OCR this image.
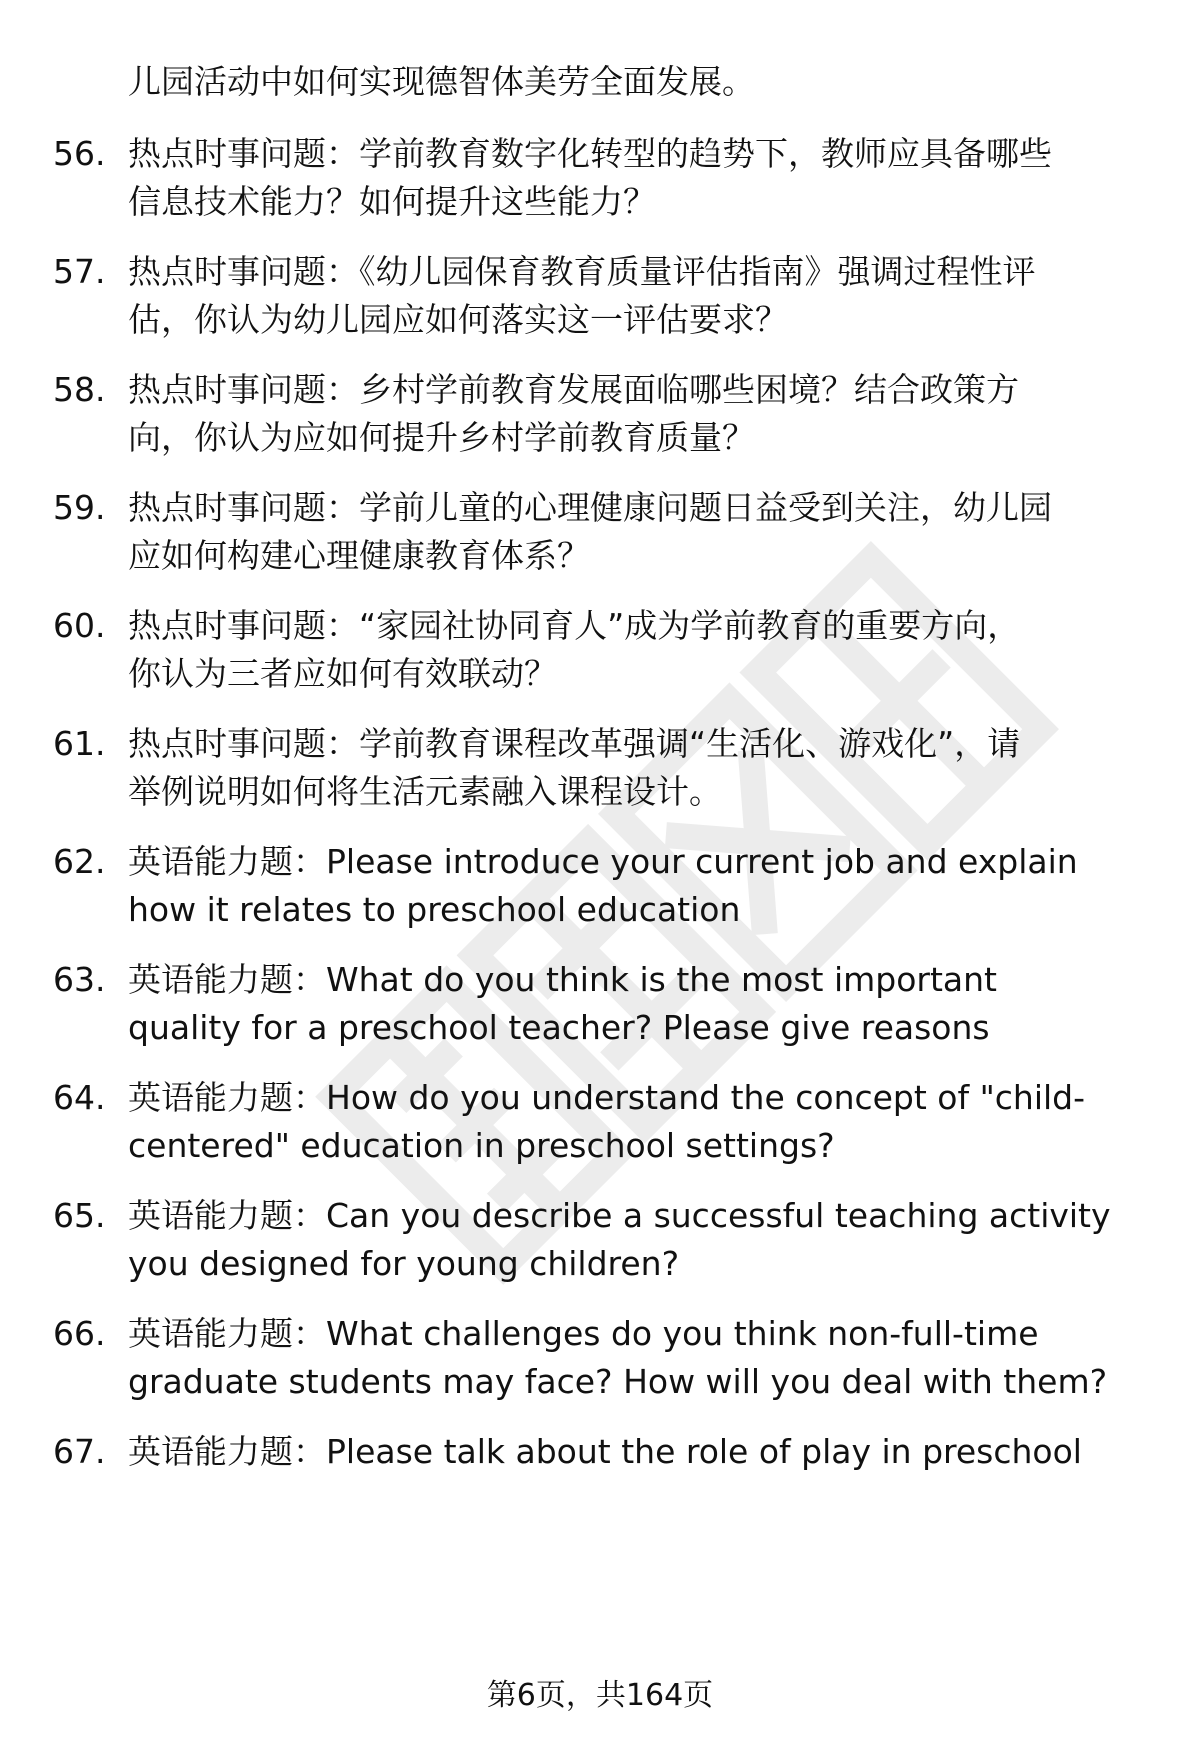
儿园活动中如何实现德智体美劳全面发展。
56. 热点时事问题：学前教育数字化转型的趋势下，教师应具备哪些
信息技术能力？如何提升这些能力？
57. 热点时事问题：《幼儿园保育教育质量评估指南》强调过程性评
估，你认为幼儿园应如何落实这一评估要求？
58. 热点时事问题：乡村学前教育发展面临哪些困境？结合政策方
向，你认为应如何提升乡村学前教育质量？
59. 热点时事问题：学前儿童的心理健康问题日益受到关注，幼儿园
应如何构建心理健康教育体系？
60. 热点时事问题：“家园社协同育人”成为学前教育的重要方向，
你认为三者应如何有效联动？
61. 热点时事问题：学前教育课程改革强调“生活化、游戏化”，请
举例说明如何将生活元素融入课程设计。
62. 英语能力题：Please introduce your current job and explain
how it relates to preschool education
63. 英语能力题：What do you think is the most important
quality for a preschool teacher? Please give reasons
64. 英语能力题：How do you understand the concept of "child-
centered" education in preschool settings?
65. 英语能力题：Can you describe a successful teaching activity
you designed for young children?
66. 英语能力题：What challenges do you think non-full-time
graduate students may face? How will you deal with them?
67. 英语能力题：Please talk about the role of play in preschool
第6页，共164页
